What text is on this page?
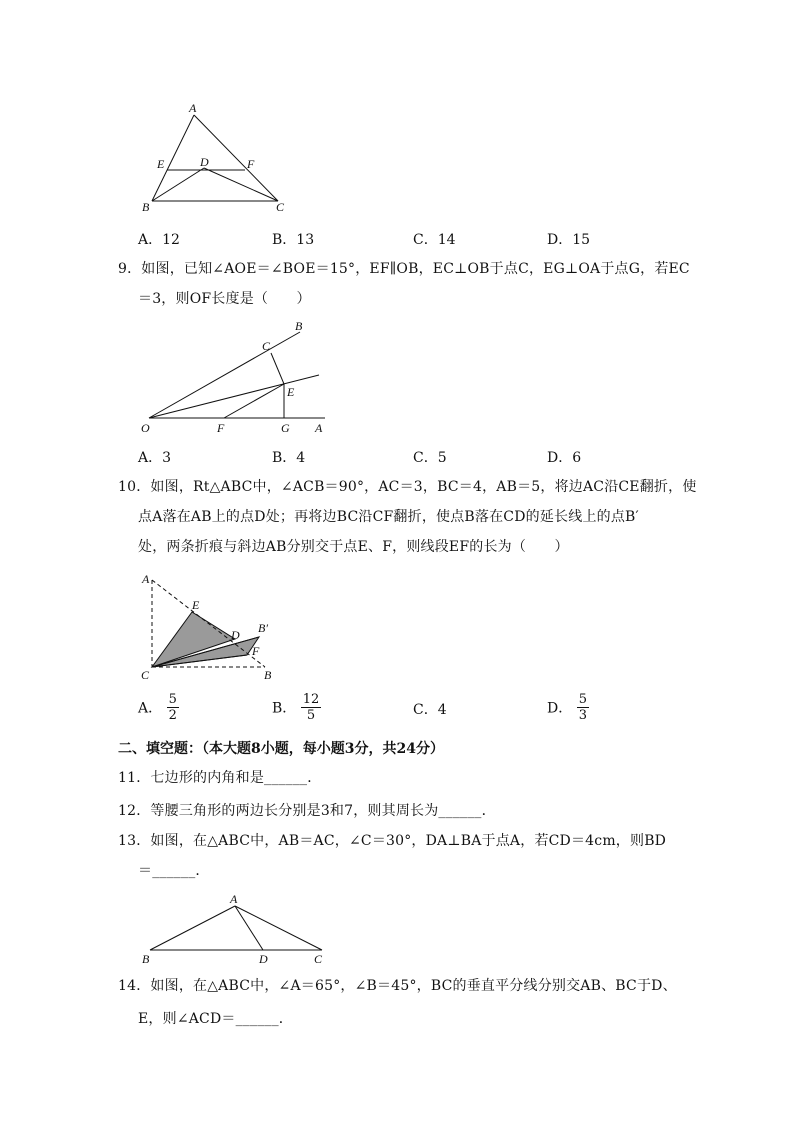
A
E	D	F
B	C
A．12	B．13	C．14	D．15
9．如图，已知∠AOE＝∠BOE＝15°，EF∥OB，EC⊥OB于点C，EG⊥OA于点G，若EC
＝3，则OF长度是（　　）
O	F	G A
E
C
B
A．3	B．4	C．5	D．6
10．如图，Rt△ABC中，∠ACB＝90°，AC＝3，BC＝4，AB＝5，将边AC沿CE翻折，使
点A落在AB上的点D处；再将边BC沿CF翻折，使点B落在CD的延长线上的点B′
处，两条折痕与斜边AB分别交于点E、F，则线段EF的长为（　　）
A
E
D B′
F
C	B
A． $\frac{5}{2}$	B． $\frac{12}{5}$	C．4	D． $\frac{5}{3}$
二、填空题：（本大题8小题，每小题3分，共24分）
11．七边形的内角和是______．
12．等腰三角形的两边长分别是3和7，则其周长为______．
13．如图，在△ABC中，AB＝AC，∠C＝30°，DA⊥BA于点A，若CD＝4cm，则BD
＝______．
A
B	D	C
14．如图，在△ABC中，∠A＝65°，∠B＝45°，BC的垂直平分线分别交AB、BC于D、
E，则∠ACD＝______．
